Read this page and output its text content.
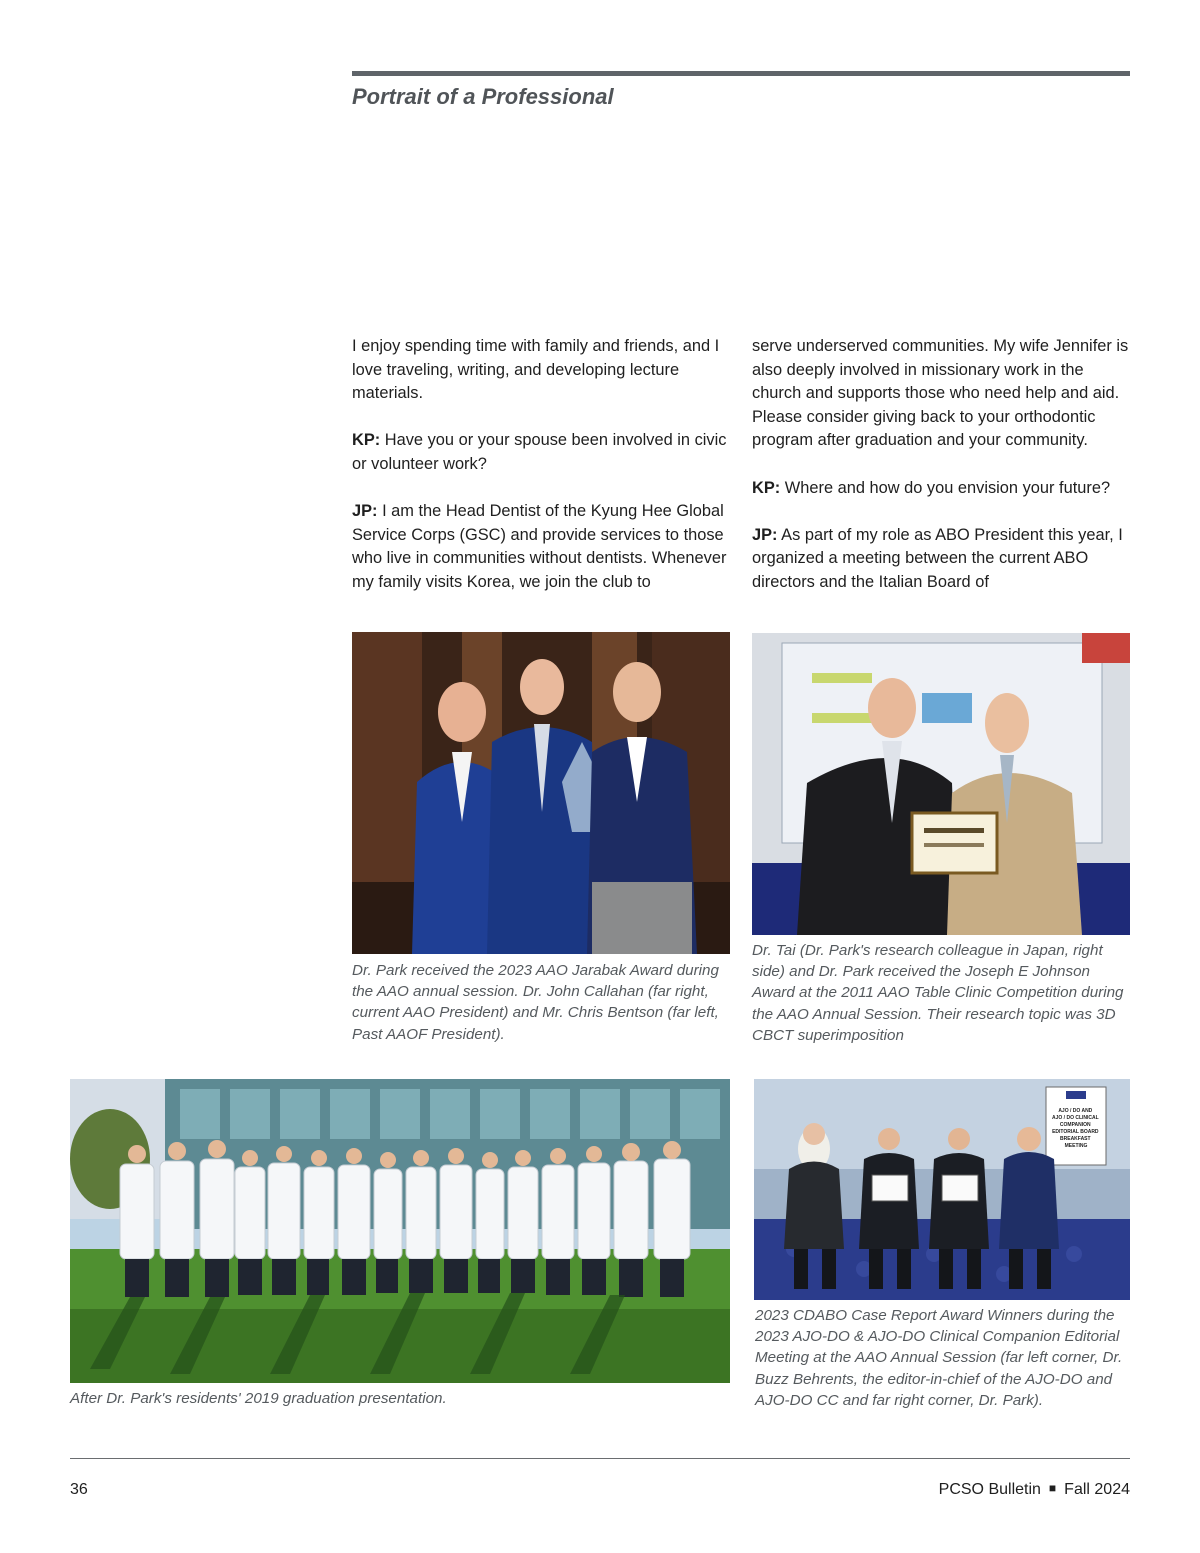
Portrait of a Professional

I enjoy spending time with family and friends, and I love traveling, writing, and developing lecture materials.

KP: Have you or your spouse been involved in civic or volunteer work?

JP: I am the Head Dentist of the Kyung Hee Global Service Corps (GSC) and provide services to those who live in communities without dentists. Whenever my family visits Korea, we join the club to

serve underserved communities. My wife Jennifer is also deeply involved in missionary work in the church and supports those who need help and aid. Please consider giving back to your orthodontic program after graduation and your community.

KP: Where and how do you envision your future?

JP: As part of my role as ABO President this year, I organized a meeting between the current ABO directors and the Italian Board of

Dr. Park received the 2023 AAO Jarabak Award during the AAO annual session. Dr. John Callahan (far right, current AAO President) and Mr. Chris Bentson (far left, Past AAOF President).

Dr. Tai (Dr. Park's research colleague in Japan, right side) and Dr. Park received the Joseph E Johnson Award at the 2011 AAO Table Clinic Competition during the AAO Annual Session. Their research topic was 3D CBCT superimposition

After Dr. Park's residents' 2019 graduation presentation.

AJO / DO AND AJO / DO CLINICAL COMPANION EDITORIAL BOARD BREAKFAST MEETING

2023 CDABO Case Report Award Winners during the 2023 AJO-DO & AJO-DO Clinical Companion Editorial Meeting at the AAO Annual Session (far left corner, Dr. Buzz Behrents, the editor-in-chief of the AJO-DO and AJO-DO CC and far right corner, Dr. Park).

36	PCSO Bulletin ■ Fall 2024
